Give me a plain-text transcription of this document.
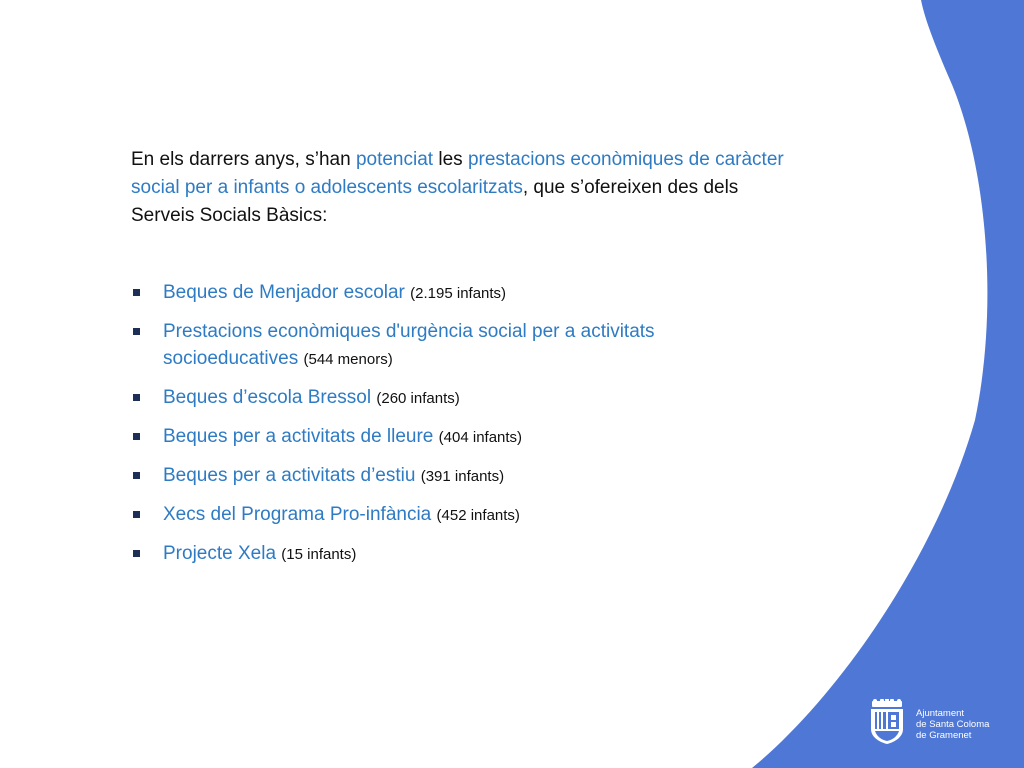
En els darrers anys, s’han potenciat les prestacions econòmiques de caràcter social per a infants o adolescents escolaritzats, que s’ofereixen des dels Serveis Socials Bàsics:
Beques de Menjador escolar (2.195 infants)
Prestacions econòmiques d'urgència social per a activitats socioeducatives (544 menors)
Beques d’escola Bressol (260 infants)
Beques per a activitats de lleure (404 infants)
Beques per a activitats d’estiu (391 infants)
Xecs del Programa Pro-infància (452 infants)
Projecte Xela (15 infants)
Ajuntament
de Santa Coloma
de Gramenet
